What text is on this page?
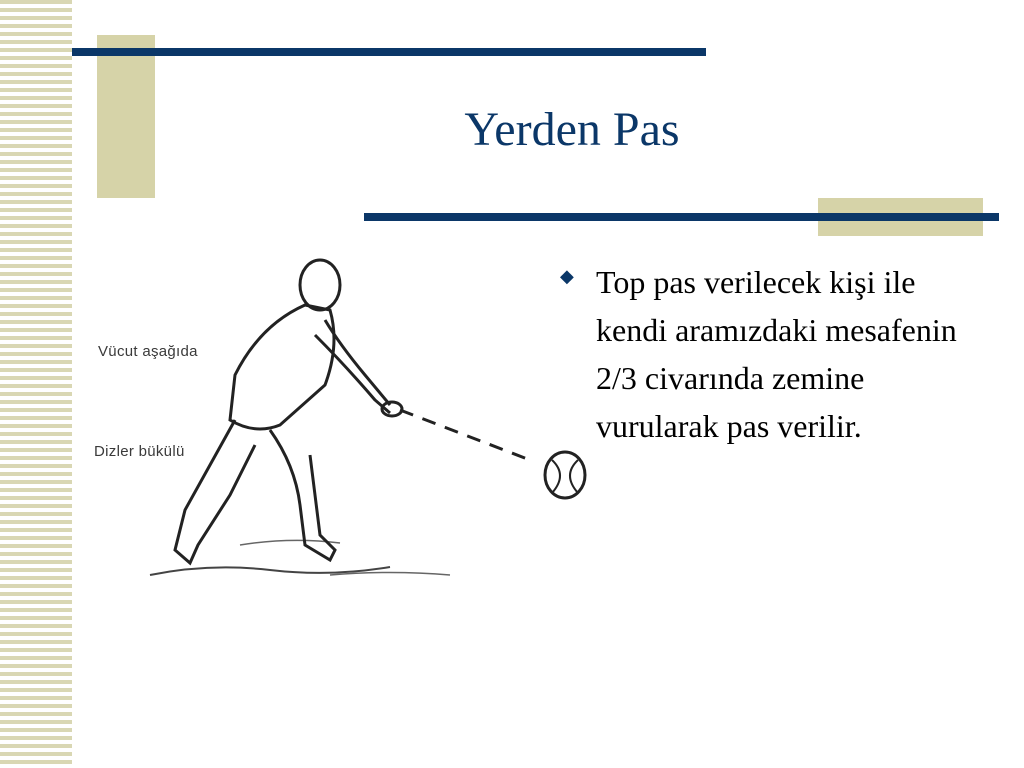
Yerden Pas
Vücut aşağıda
Dizler bükülü
◆ Top pas verilecek kişi ile kendi aramızdaki mesafenin 2/3 civarında zemine vurularak pas verilir.
